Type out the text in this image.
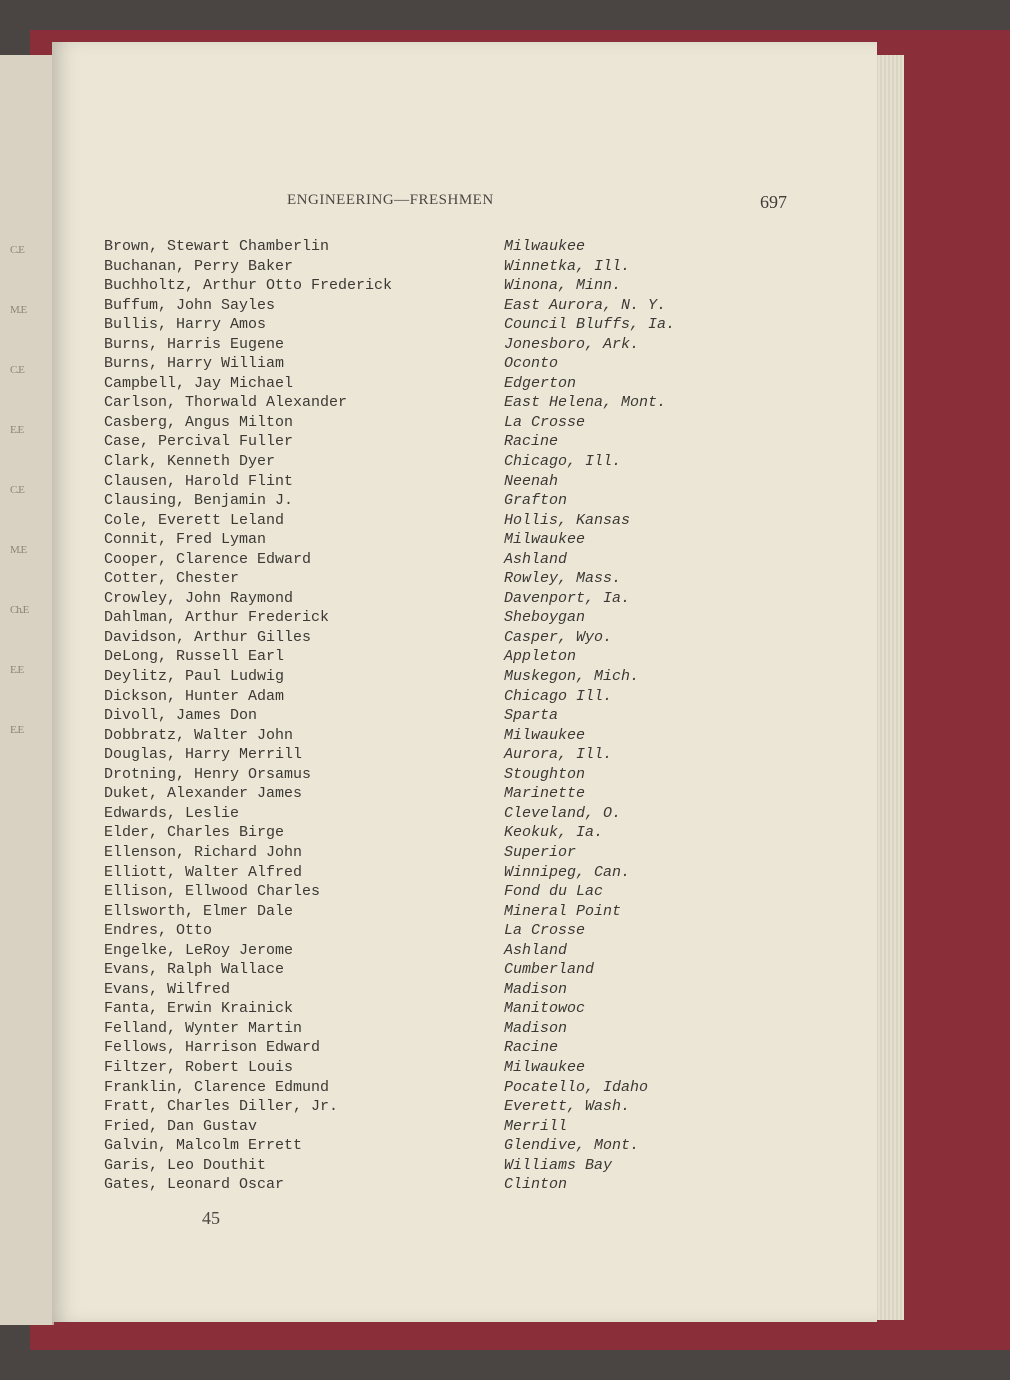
C.E
M.E
C.E
E.E
C.E
M.E
Ch.E
E.E
E.E
ENGINEERING—FRESHMEN	697
Brown, Stewart Chamberlin	Milwaukee
Buchanan, Perry Baker	Winnetka, Ill.
Buchholtz, Arthur Otto Frederick	Winona, Minn.
Buffum, John Sayles	East Aurora, N. Y.
Bullis, Harry Amos	Council Bluffs, Ia.
Burns, Harris Eugene	Jonesboro, Ark.
Burns, Harry William	Oconto
Campbell, Jay Michael	Edgerton
Carlson, Thorwald Alexander	East Helena, Mont.
Casberg, Angus Milton	La Crosse
Case, Percival Fuller	Racine
Clark, Kenneth Dyer	Chicago, Ill.
Clausen, Harold Flint	Neenah
Clausing, Benjamin J.	Grafton
Cole, Everett Leland	Hollis, Kansas
Connit, Fred Lyman	Milwaukee
Cooper, Clarence Edward	Ashland
Cotter, Chester	Rowley, Mass.
Crowley, John Raymond	Davenport, Ia.
Dahlman, Arthur Frederick	Sheboygan
Davidson, Arthur Gilles	Casper, Wyo.
DeLong, Russell Earl	Appleton
Deylitz, Paul Ludwig	Muskegon, Mich.
Dickson, Hunter Adam	Chicago Ill.
Divoll, James Don	Sparta
Dobbratz, Walter John	Milwaukee
Douglas, Harry Merrill	Aurora, Ill.
Drotning, Henry Orsamus	Stoughton
Duket, Alexander James	Marinette
Edwards, Leslie	Cleveland, O.
Elder, Charles Birge	Keokuk, Ia.
Ellenson, Richard John	Superior
Elliott, Walter Alfred	Winnipeg, Can.
Ellison, Ellwood Charles	Fond du Lac
Ellsworth, Elmer Dale	Mineral Point
Endres, Otto	La Crosse
Engelke, LeRoy Jerome	Ashland
Evans, Ralph Wallace	Cumberland
Evans, Wilfred	Madison
Fanta, Erwin Krainick	Manitowoc
Felland, Wynter Martin	Madison
Fellows, Harrison Edward	Racine
Filtzer, Robert Louis	Milwaukee
Franklin, Clarence Edmund	Pocatello, Idaho
Fratt, Charles Diller, Jr.	Everett, Wash.
Fried, Dan Gustav	Merrill
Galvin, Malcolm Errett	Glendive, Mont.
Garis, Leo Douthit	Williams Bay
Gates, Leonard Oscar	Clinton
45
